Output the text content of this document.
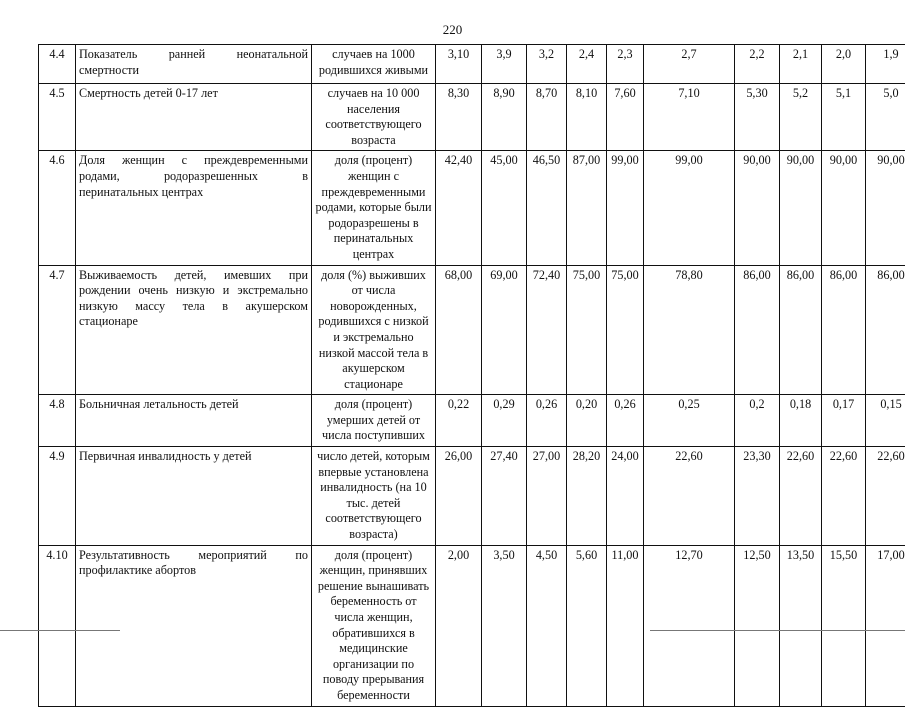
220
4.4	Показатель ранней неонатальной смертности	случаев на 1000 родившихся живыми	3,10	3,9	3,2	2,4	2,3	2,7	2,2	2,1	2,0	1,9
4.5	Смертность детей 0-17 лет	случаев на 10 000 населения соответствующего возраста	8,30	8,90	8,70	8,10	7,60	7,10	5,30	5,2	5,1	5,0
4.6	Доля женщин с преждевременными родами, родоразрешенных в перинатальных центрах	доля (процент) женщин с преждевременными родами, которые были родоразрешены в перинатальных центрах	42,40	45,00	46,50	87,00	99,00	99,00	90,00	90,00	90,00	90,00
4.7	Выживаемость детей, имевших при рождении очень низкую и экстремально низкую массу тела в акушерском стационаре	доля (%) выживших от числа новорожденных, родившихся с низкой и экстремально низкой массой тела в акушерском стационаре	68,00	69,00	72,40	75,00	75,00	78,80	86,00	86,00	86,00	86,00
4.8	Больничная летальность детей	доля (процент) умерших детей от числа поступивших	0,22	0,29	0,26	0,20	0,26	0,25	0,2	0,18	0,17	0,15
4.9	Первичная инвалидность у детей	число детей, которым впервые установлена инвалидность (на 10 тыс. детей соответствующего возраста)	26,00	27,40	27,00	28,20	24,00	22,60	23,30	22,60	22,60	22,60
4.10	Результативность мероприятий по профилактике абортов	доля (процент) женщин, принявших решение вынашивать беременность от числа женщин, обратившихся в медицинские организации по поводу прерывания беременности	2,00	3,50	4,50	5,60	11,00	12,70	12,50	13,50	15,50	17,00
